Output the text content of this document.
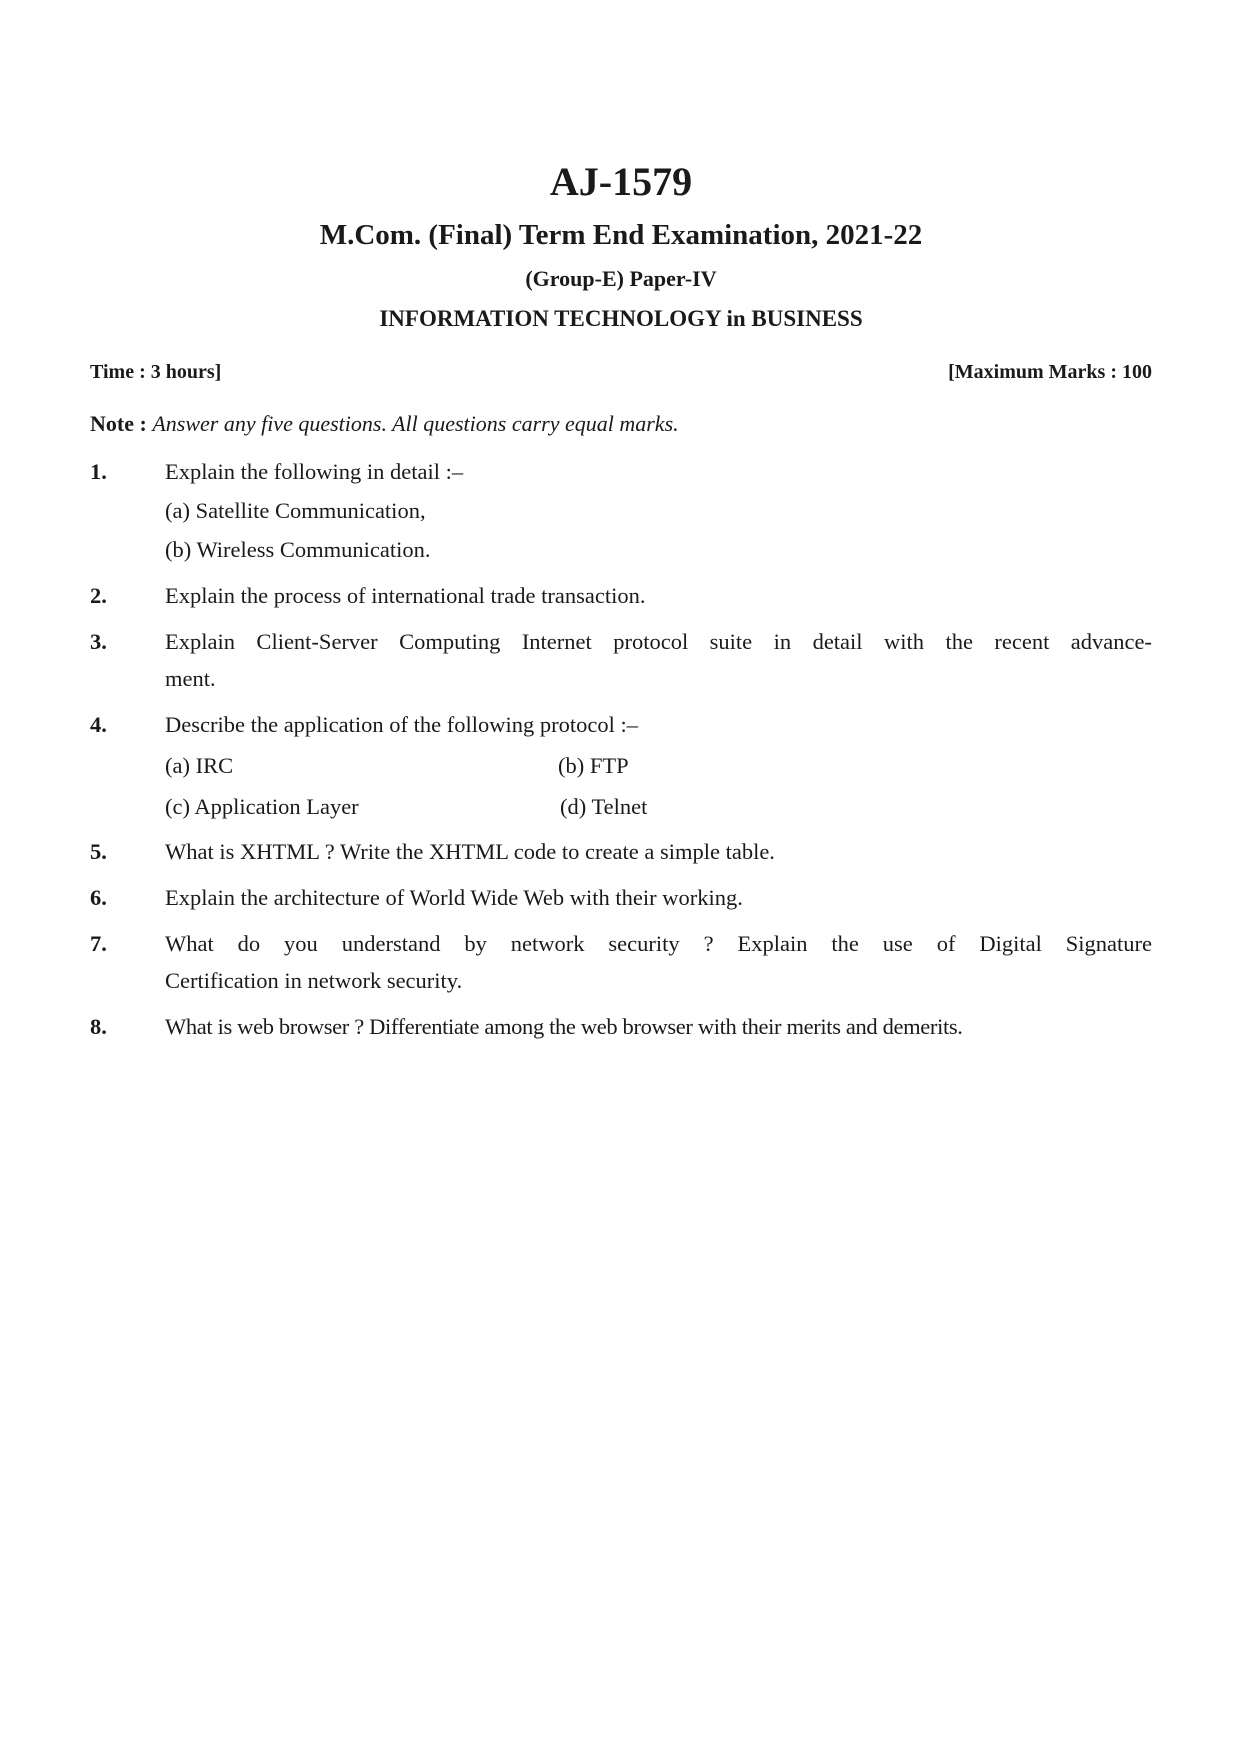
AJ-1579
M.Com. (Final) Term End Examination, 2021-22
(Group-E) Paper-IV
INFORMATION TECHNOLOGY in BUSINESS
Time : 3 hours]	[Maximum Marks : 100
Note : Answer any five questions. All questions carry equal marks.
1.	Explain the following in detail :–
(a) Satellite Communication,
(b) Wireless Communication.
2.	Explain the process of international trade transaction.
3.	Explain Client-Server Computing Internet protocol suite in detail with the recent advance-
ment.
4.	Describe the application of the following protocol :–
(a) IRC	(b) FTP
(c) Application Layer	(d) Telnet
5.	What is XHTML ? Write the XHTML code to create a simple table.
6.	Explain the architecture of World Wide Web with their working.
7.	What do you understand by network security ? Explain the use of Digital Signature
Certification in network security.
8.	What is web browser ? Differentiate among the web browser with their merits and demerits.
